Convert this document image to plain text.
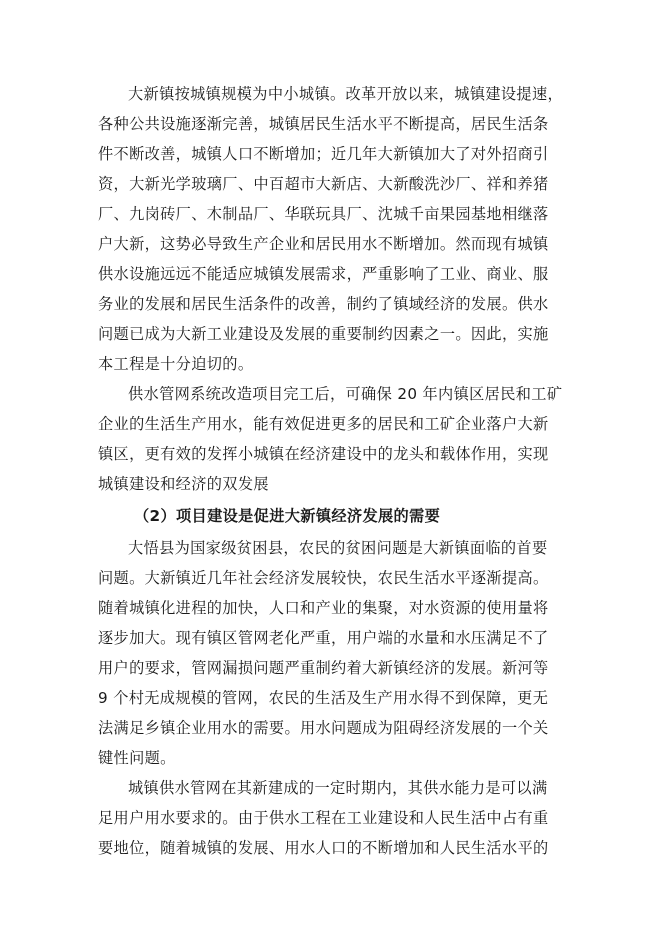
大新镇按城镇规模为中小城镇。改革开放以来，城镇建设提速，
各种公共设施逐渐完善，城镇居民生活水平不断提高，居民生活条
件不断改善，城镇人口不断增加；近几年大新镇加大了对外招商引
资，大新光学玻璃厂、中百超市大新店、大新酸洗沙厂、祥和养猪
厂、九岗砖厂、木制品厂、华联玩具厂、沈城千亩果园基地相继落
户大新，这势必导致生产企业和居民用水不断增加。然而现有城镇
供水设施远远不能适应城镇发展需求，严重影响了工业、商业、服
务业的发展和居民生活条件的改善，制约了镇域经济的发展。供水
问题已成为大新工业建设及发展的重要制约因素之一。因此，实施
本工程是十分迫切的。
供水管网系统改造项目完工后，可确保 20 年内镇区居民和工矿
企业的生活生产用水，能有效促进更多的居民和工矿企业落户大新
镇区，更有效的发挥小城镇在经济建设中的龙头和载体作用，实现
城镇建设和经济的双发展
（2）项目建设是促进大新镇经济发展的需要
大悟县为国家级贫困县，农民的贫困问题是大新镇面临的首要
问题。大新镇近几年社会经济发展较快，农民生活水平逐渐提高。
随着城镇化进程的加快，人口和产业的集聚，对水资源的使用量将
逐步加大。现有镇区管网老化严重，用户端的水量和水压满足不了
用户的要求，管网漏损问题严重制约着大新镇经济的发展。新河等
9 个村无成规模的管网，农民的生活及生产用水得不到保障，更无
法满足乡镇企业用水的需要。用水问题成为阻碍经济发展的一个关
键性问题。
城镇供水管网在其新建成的一定时期内，其供水能力是可以满
足用户用水要求的。由于供水工程在工业建设和人民生活中占有重
要地位，随着城镇的发展、用水人口的不断增加和人民生活水平的
